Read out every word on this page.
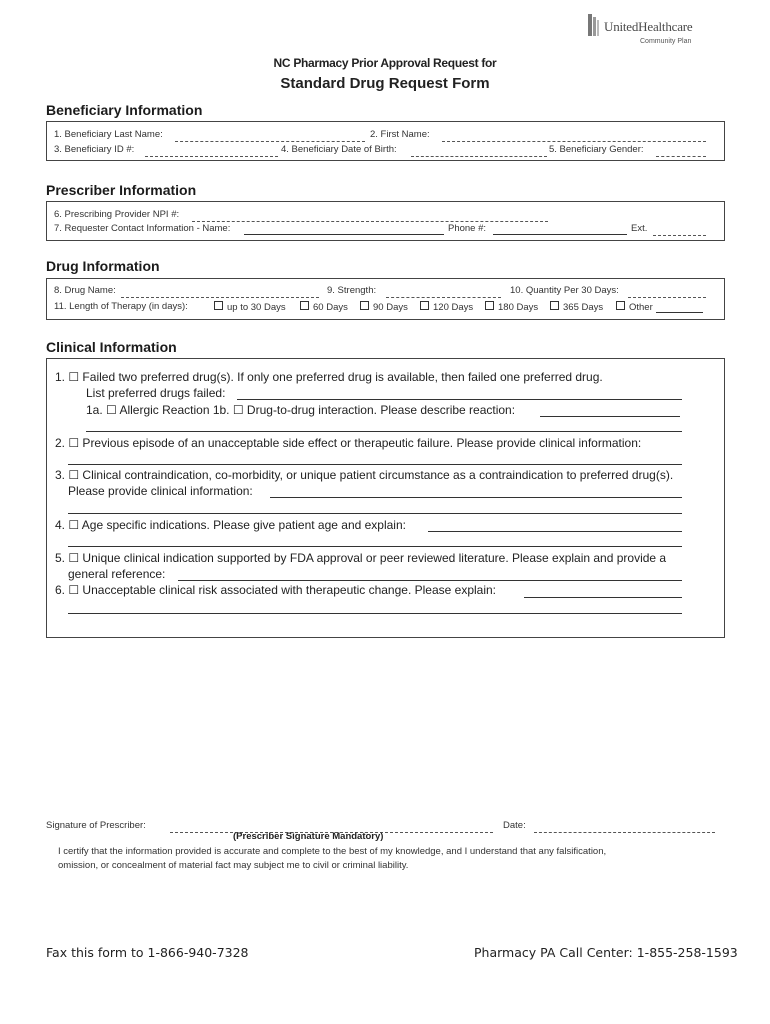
UnitedHealthcare
Community Plan
NC Pharmacy Prior Approval Request for
Standard Drug Request Form
Beneficiary Information
1. Beneficiary Last Name:	2. First Name:
3. Beneficiary ID #:	4. Beneficiary Date of Birth:	5. Beneficiary Gender:
Prescriber Information
6. Prescribing Provider NPI #:
7. Requester Contact Information - Name:	Phone #:	Ext.
Drug Information
8. Drug Name:	9. Strength:	10. Quantity Per 30 Days:
11. Length of Therapy (in days):	up to 30 Days	60 Days	90 Days	120 Days	180 Days	365 Days	Other
Clinical Information
1. ☐ Failed two preferred drug(s). If only one preferred drug is available, then failed one preferred drug.
List preferred drugs failed:
1a. ☐ Allergic Reaction 1b. ☐ Drug-to-drug interaction. Please describe reaction:
2. ☐ Previous episode of an unacceptable side effect or therapeutic failure. Please provide clinical information:
3. ☐ Clinical contraindication, co-morbidity, or unique patient circumstance as a contraindication to preferred drug(s).
Please provide clinical information:
4. ☐ Age specific indications. Please give patient age and explain:
5. ☐ Unique clinical indication supported by FDA approval or peer reviewed literature. Please explain and provide a
general reference:
6. ☐ Unacceptable clinical risk associated with therapeutic change. Please explain:
Signature of Prescriber:	Date:
(Prescriber Signature Mandatory)
I certify that the information provided is accurate and complete to the best of my knowledge, and I understand that any falsification,
omission, or concealment of material fact may subject me to civil or criminal liability.
Fax this form to 1-866-940-7328	Pharmacy PA Call Center: 1-855-258-1593
